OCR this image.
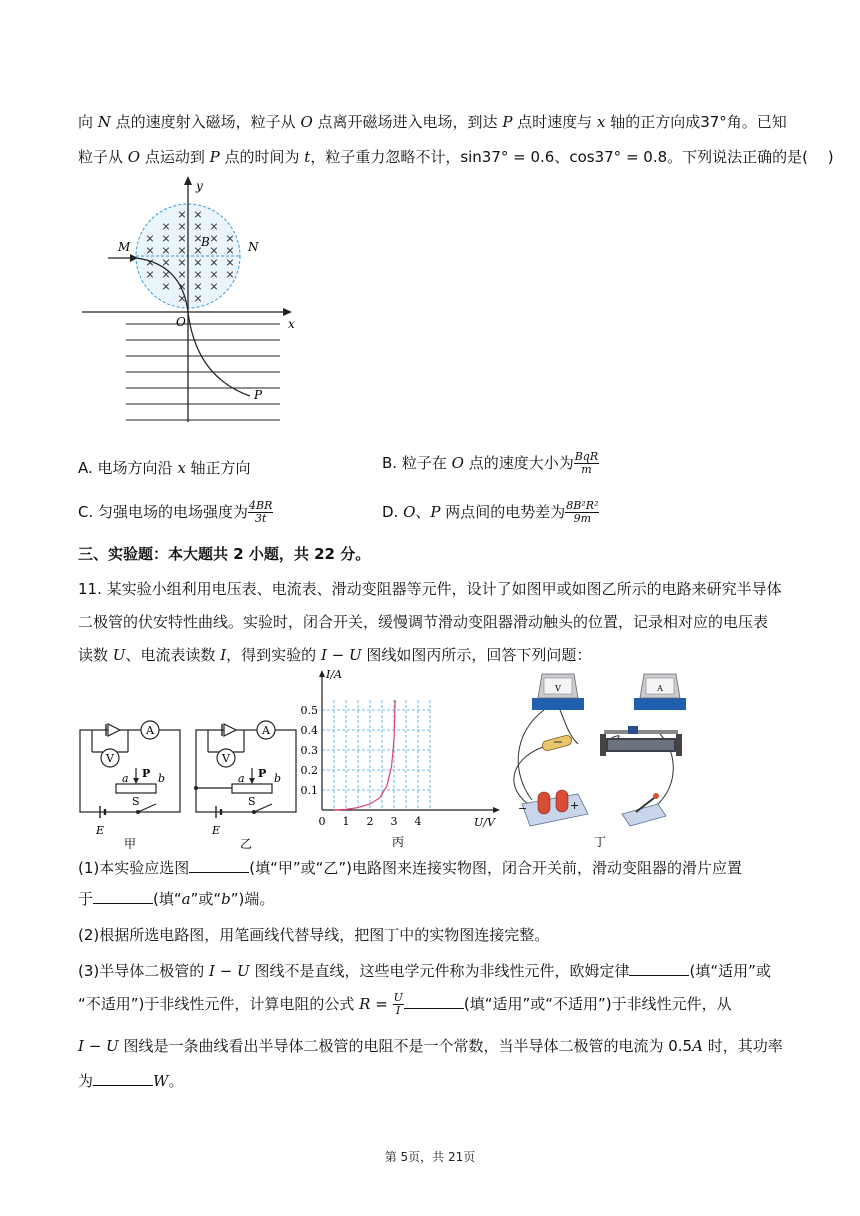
向 N 点的速度射入磁场，粒子从 O 点离开磁场进入电场，到达 P 点时速度与 x 轴的正方向成37°角。已知
粒子从 O 点运动到 P 点的时间为 t，粒子重力忽略不计，sin37° = 0.6、cos37° = 0.8。下列说法正确的是(　 )
× ×
× × × ×
× × × × × ×
× × × × × ×
× × × × × ×
× × × × × ×
× × × ×
× ×
y
x
M	N
B
O
P
A. 电场方向沿 x 轴正方向	B. 粒子在 O 点的速度大小为 $\frac{\text{BqR}}{m}$
C. 匀强电场的电场强度为 $\frac{4BR}{3t}$	D. O、P 两点间的电势差为 $\frac{\text{8B²R²}}{9m}$
三、实验题：本大题共 2 小题，共 22 分。
11. 某实验小组利用电压表、电流表、滑动变阻器等元件，设计了如图甲或如图乙所示的电路来研究半导体
二极管的伏安特性曲线。实验时，闭合开关，缓慢调节滑动变阻器滑动触头的位置，记录相对应的电压表
读数 U、电流表读数 I，得到实验的 I − U 图线如图丙所示，回答下列问题：
A
V
P
a	b
S
E
甲
A
V
P
a	b
S
E
乙
I/A
U/V
0.1
0.2
0.3
0.4
0.5
0 1 2 3 4
丙
V	A
−	+
丁
(1)本实验应选图	(填“甲”或“乙”)电路图来连接实物图，闭合开关前，滑动变阻器的滑片应置
于	(填“a”或“b”)端。
(2)根据所选电路图，用笔画线代替导线，把图丁中的实物图连接完整。
(3)半导体二极管的 I − U 图线不是直线，这些电学元件称为非线性元件，欧姆定律	(填“适用”或
“不适用”)于非线性元件，计算电阻的公式 $R = \frac{U}{I}$	(填“适用”或“不适用”)于非线性元件，从
I − U 图线是一条曲线看出半导体二极管的电阻不是一个常数，当半导体二极管的电流为 0.5A 时，其功率
为	W。
第 5页，共 21页
